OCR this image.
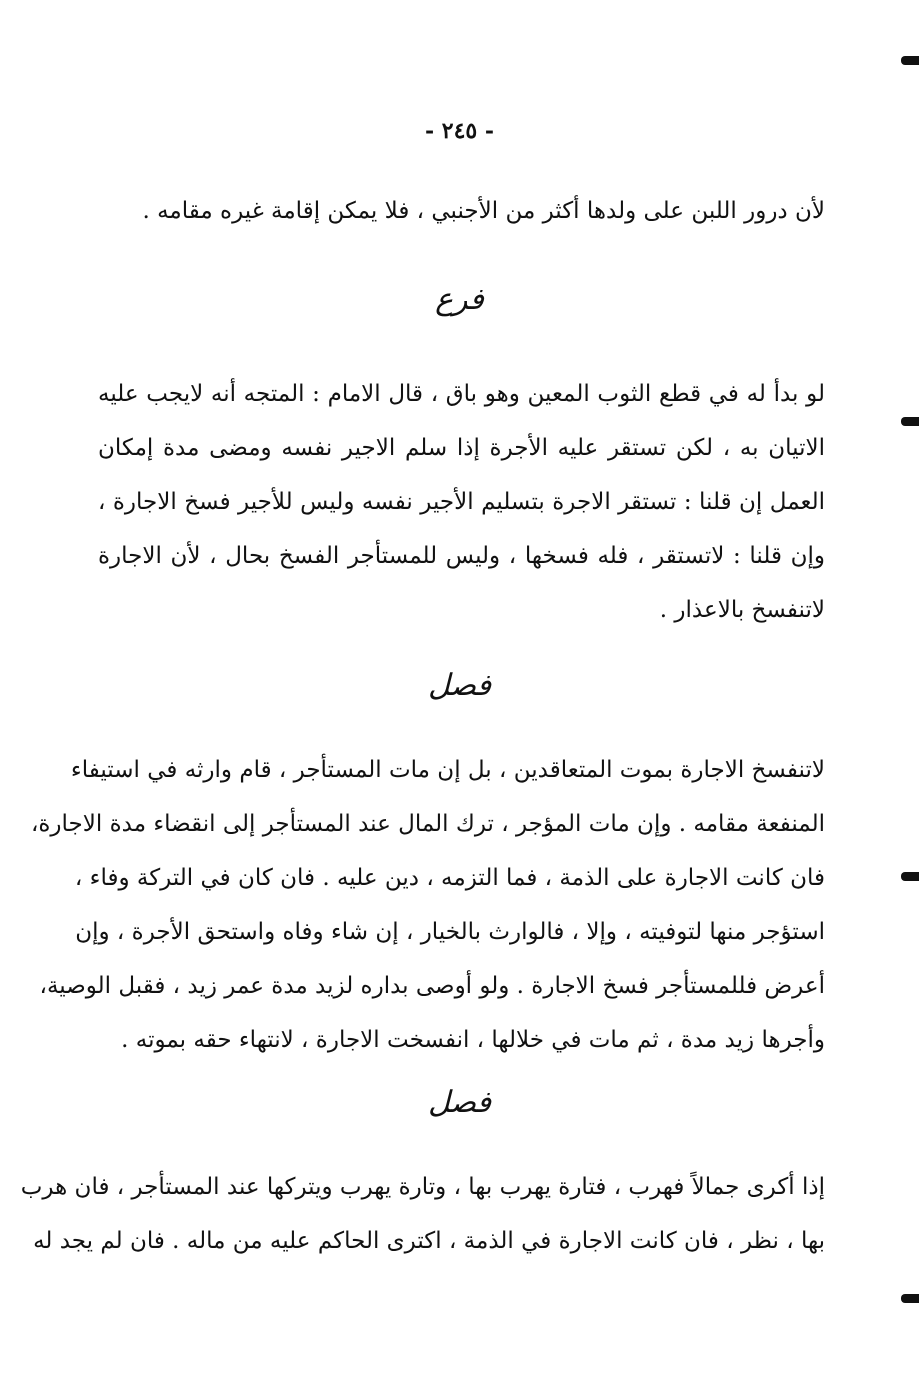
- ٢٤٥ -
لأن درور اللبن على ولدها أكثر من الأجنبي ، فلا يمكن إقامة غيره مقامه .
فرع
لو بدأ له في قطع الثوب المعين وهو باق ، قال الامام : المتجه أنه لايجب عليه
الاتيان به ، لكن تستقر عليه الأجرة إذا سلم الاجير نفسه ومضى مدة إمكان
العمل إن قلنا : تستقر الاجرة بتسليم الأجير نفسه وليس للأجير فسخ الاجارة ،
وإن قلنا : لاتستقر ، فله فسخها ، وليس للمستأجر الفسخ بحال ، لأن الاجارة
لاتنفسخ بالاعذار .
فصل
لاتنفسخ الاجارة بموت المتعاقدين ، بل إن مات المستأجر ، قام وارثه في استيفاء
المنفعة مقامه . وإن مات المؤجر ، ترك المال عند المستأجر إلى انقضاء مدة الاجارة،
فان كانت الاجارة على الذمة ، فما التزمه ، دين عليه . فان كان في التركة وفاء ،
استؤجر منها لتوفيته ، وإلا ، فالوارث بالخيار ، إن شاء وفاه واستحق الأجرة ، وإن
أعرض فللمستأجر فسخ الاجارة . ولو أوصى بداره لزيد مدة عمر زيد ، فقبل الوصية،
وأجرها زيد مدة ، ثم مات في خلالها ، انفسخت الاجارة ، لانتهاء حقه بموته .
فصل
إذا أكرى جمالاً فهرب ، فتارة يهرب بها ، وتارة يهرب ويتركها عند المستأجر ، فان هرب
بها ، نظر ، فان كانت الاجارة في الذمة ، اكترى الحاكم عليه من ماله . فان لم يجد له
